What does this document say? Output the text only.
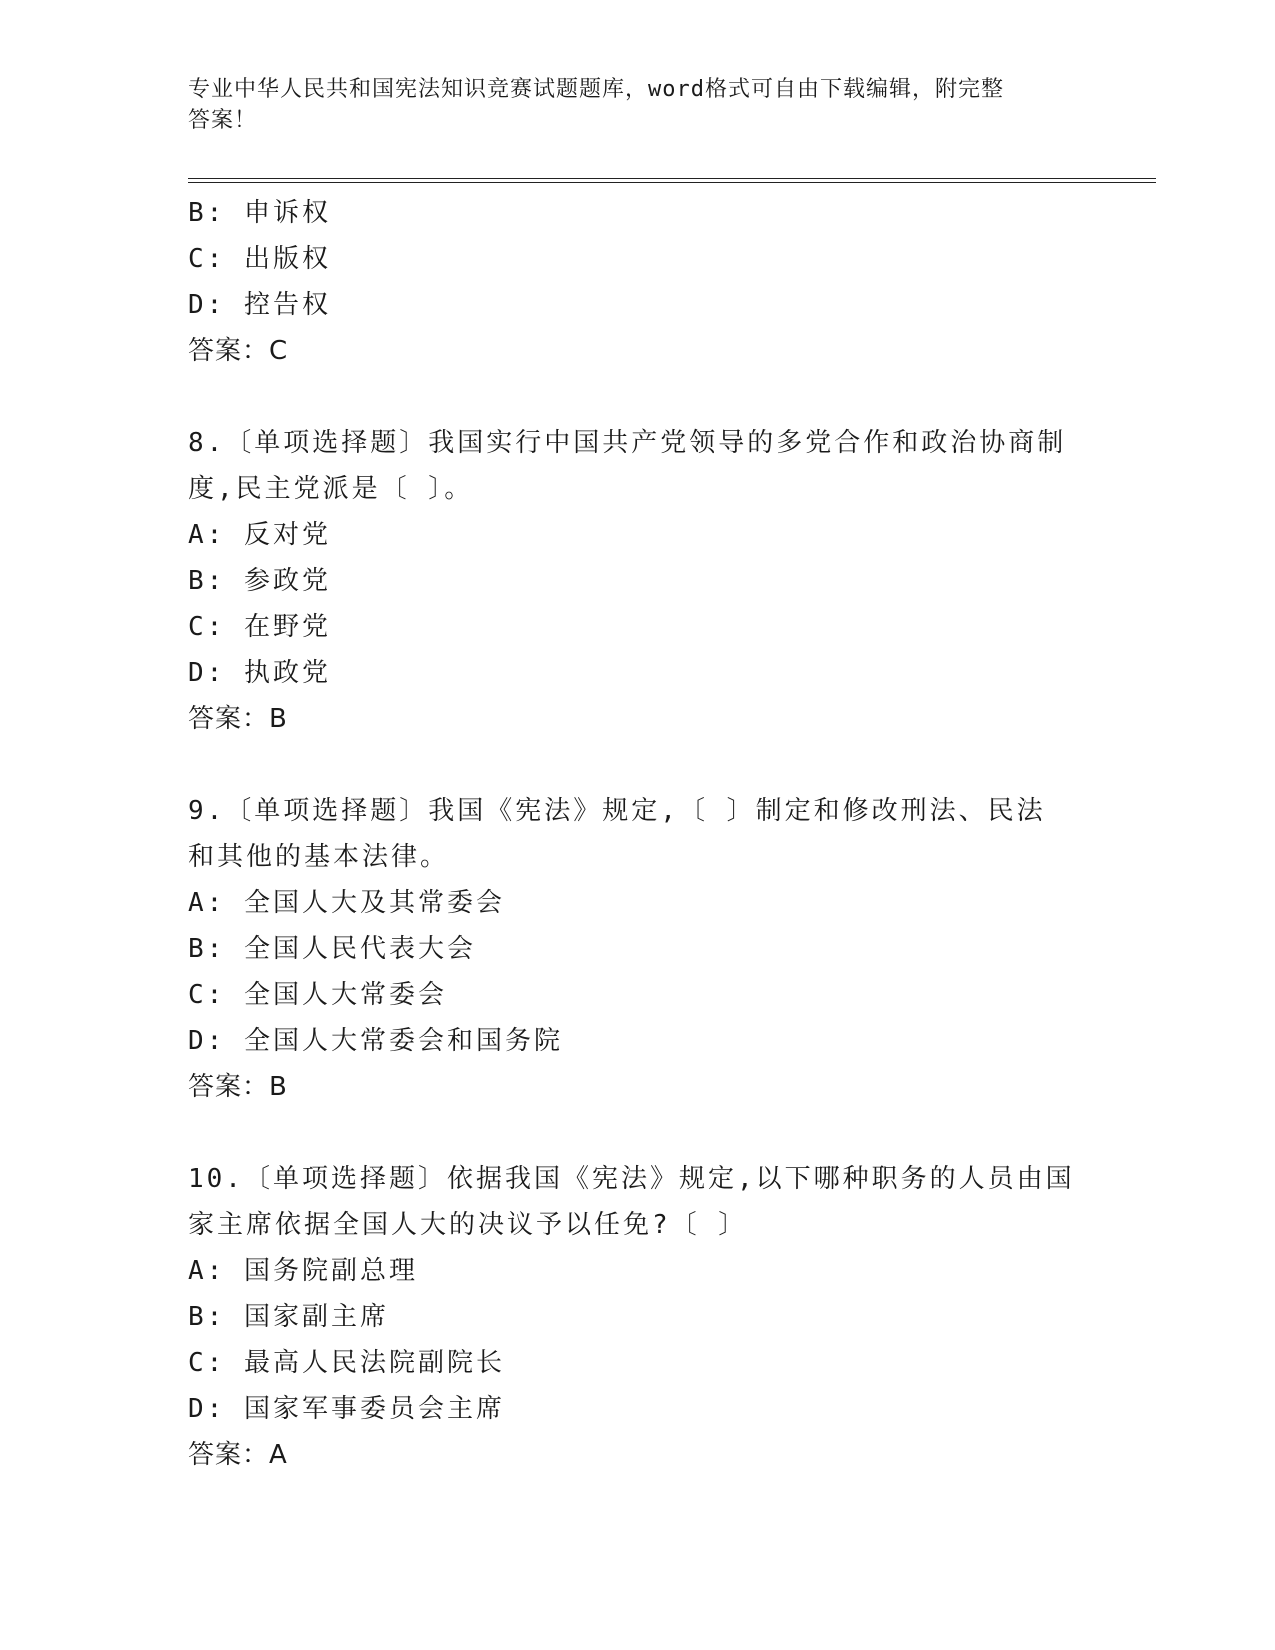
专业中华人民共和国宪法知识竞赛试题题库，word格式可自由下载编辑，附完整
答案！
B: 申诉权
C: 出版权
D: 控告权
答案：C
8.〔单项选择题〕我国实行中国共产党领导的多党合作和政治协商制
度,民主党派是〔 〕。
A: 反对党
B: 参政党
C: 在野党
D: 执政党
答案：B
9.〔单项选择题〕我国《宪法》规定,〔 〕制定和修改刑法、民法
和其他的基本法律。
A: 全国人大及其常委会
B: 全国人民代表大会
C: 全国人大常委会
D: 全国人大常委会和国务院
答案：B
10.〔单项选择题〕依据我国《宪法》规定,以下哪种职务的人员由国
家主席依据全国人大的决议予以任免?〔 〕
A: 国务院副总理
B: 国家副主席
C: 最高人民法院副院长
D: 国家军事委员会主席
答案：A
